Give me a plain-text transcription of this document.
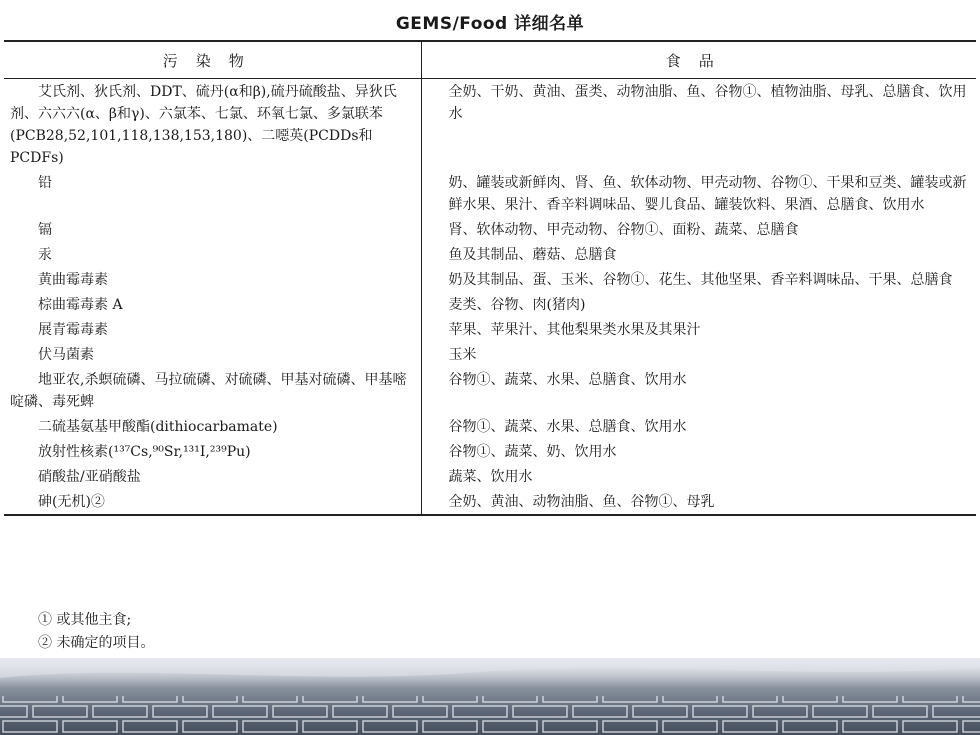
GEMS/Food 详细名单
污染物	食品
艾氏剂、狄氏剂、DDT、硫丹(α和β),硫丹硫酸盐、异狄氏剂、六六六(α、β和γ)、六氯苯、七氯、环氧七氯、多氯联苯(PCB28,52,101,118,138,153,180)、二噁英(PCDDs和PCDFs)	全奶、干奶、黄油、蛋类、动物油脂、鱼、谷物①、植物油脂、母乳、总膳食、饮用水
铅	奶、罐装或新鲜肉、肾、鱼、软体动物、甲壳动物、谷物①、干果和豆类、罐装或新鲜水果、果汁、香辛料调味品、婴儿食品、罐装饮料、果酒、总膳食、饮用水
镉	肾、软体动物、甲壳动物、谷物①、面粉、蔬菜、总膳食
汞	鱼及其制品、蘑菇、总膳食
黄曲霉毒素	奶及其制品、蛋、玉米、谷物①、花生、其他坚果、香辛料调味品、干果、总膳食
棕曲霉毒素 A	麦类、谷物、肉(猪肉)
展青霉毒素	苹果、苹果汁、其他梨果类水果及其果汁
伏马菌素	玉米
地亚农,杀螟硫磷、马拉硫磷、对硫磷、甲基对硫磷、甲基嘧啶磷、毒死蜱	谷物①、蔬菜、水果、总膳食、饮用水
二硫基氨基甲酸酯(dithiocarbamate)	谷物①、蔬菜、水果、总膳食、饮用水
放射性核素(¹³⁷Cs,⁹⁰Sr,¹³¹I,²³⁹Pu)	谷物①、蔬菜、奶、饮用水
硝酸盐/亚硝酸盐	蔬菜、饮用水
砷(无机)②	全奶、黄油、动物油脂、鱼、谷物①、母乳
① 或其他主食;
② 未确定的项目。
